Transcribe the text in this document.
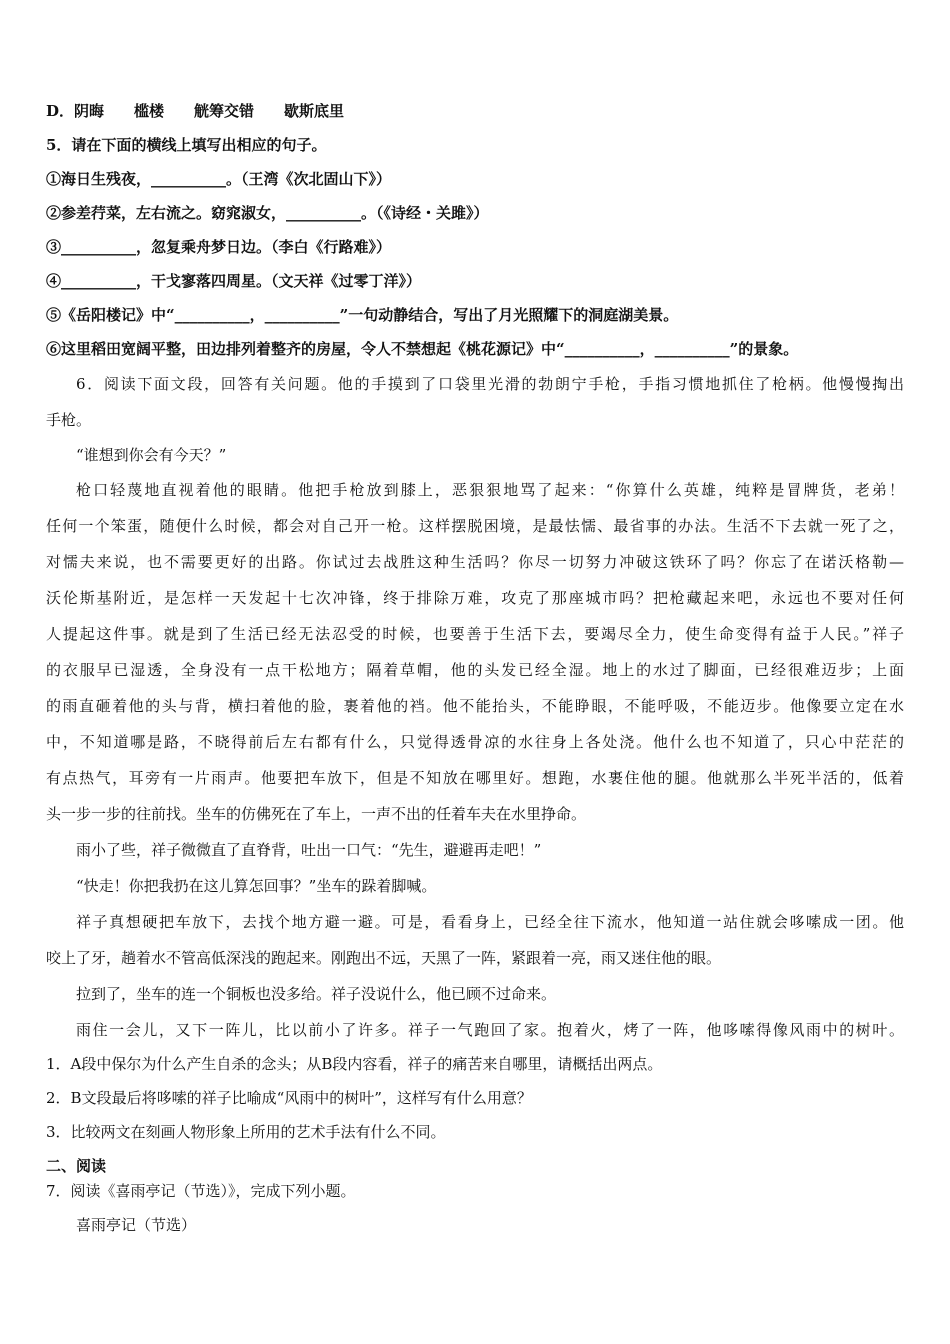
D．阴晦　　槛楼　　觥筹交错　　歇斯底里
5．请在下面的横线上填写出相应的句子。
①海日生残夜，__________。（王湾《次北固山下》）
②参差荇菜，左右流之。窈窕淑女，__________。（《诗经・关雎》）
③__________，忽复乘舟梦日边。（李白《行路难》）
④__________，干戈寥落四周星。（文天祥《过零丁洋》）
⑤《岳阳楼记》中“__________，__________”一句动静结合，写出了月光照耀下的洞庭湖美景。
⑥这里稻田宽阔平整，田边排列着整齐的房屋，令人不禁想起《桃花源记》中“__________，__________”的景象。
6．阅读下面文段，回答有关问题。他的手摸到了口袋里光滑的勃朗宁手枪，手指习惯地抓住了枪柄。他慢慢掏出
手枪。
“谁想到你会有今天？”
枪口轻蔑地直视着他的眼睛。他把手枪放到膝上，恶狠狠地骂了起来：“你算什么英雄，纯粹是冒牌货，老弟！
任何一个笨蛋，随便什么时候，都会对自己开一枪。这样摆脱困境，是最怯懦、最省事的办法。生活不下去就一死了之，
对懦夫来说，也不需要更好的出路。你试过去战胜这种生活吗？你尽一切努力冲破这铁环了吗？你忘了在诺沃格勒—
沃伦斯基附近，是怎样一天发起十七次冲锋，终于排除万难，攻克了那座城市吗？把枪藏起来吧，永远也不要对任何
人提起这件事。就是到了生活已经无法忍受的时候，也要善于生活下去，要竭尽全力，使生命变得有益于人民。”祥子
的衣服早已湿透，全身没有一点干松地方；隔着草帽，他的头发已经全湿。地上的水过了脚面，已经很难迈步；上面
的雨直砸着他的头与背，横扫着他的脸，裹着他的裆。他不能抬头，不能睁眼，不能呼吸，不能迈步。他像要立定在水
中，不知道哪是路，不晓得前后左右都有什么，只觉得透骨凉的水往身上各处浇。他什么也不知道了，只心中茫茫的
有点热气，耳旁有一片雨声。他要把车放下，但是不知放在哪里好。想跑，水裹住他的腿。他就那么半死半活的，低着
头一步一步的往前找。坐车的仿佛死在了车上，一声不出的任着车夫在水里挣命。
雨小了些，祥子微微直了直脊背，吐出一口气：“先生，避避再走吧！”
“快走！你把我扔在这儿算怎回事？”坐车的跺着脚喊。
祥子真想硬把车放下，去找个地方避一避。可是，看看身上，已经全往下流水，他知道一站住就会哆嗦成一团。他
咬上了牙，趟着水不管高低深浅的跑起来。刚跑出不远，天黑了一阵，紧跟着一亮，雨又迷住他的眼。
拉到了，坐车的连一个铜板也没多给。祥子没说什么，他已顾不过命来。
雨住一会儿，又下一阵儿，比以前小了许多。祥子一气跑回了家。抱着火，烤了一阵，他哆嗦得像风雨中的树叶。
1．A段中保尔为什么产生自杀的念头；从B段内容看，祥子的痛苦来自哪里，请概括出两点。
2．B文段最后将哆嗦的祥子比喻成“风雨中的树叶”，这样写有什么用意？
3．比较两文在刻画人物形象上所用的艺术手法有什么不同。
二、阅读
7．阅读《喜雨亭记（节选）》，完成下列小题。
喜雨亭记（节选）
